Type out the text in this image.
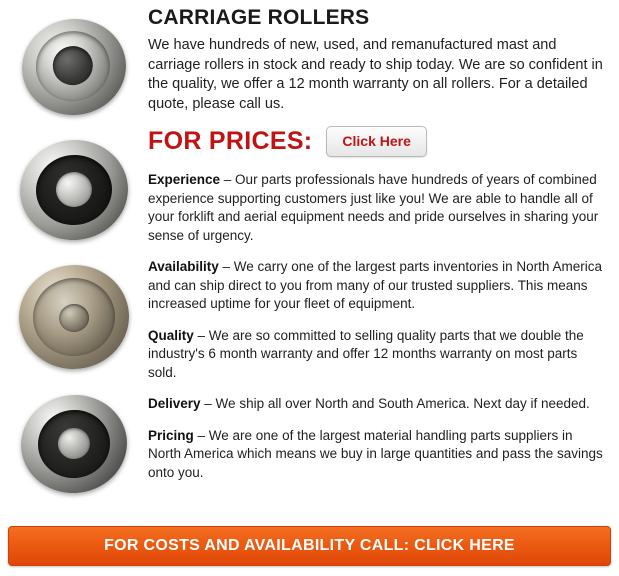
CARRIAGE ROLLERS

We have hundreds of new, used, and remanufactured mast and carriage rollers in stock and ready to ship today. We are so confident in the quality, we offer a 12 month warranty on all rollers. For a detailed quote, please call us.

FOR PRICES:	Click Here

Experience – Our parts professionals have hundreds of years of combined experience supporting customers just like you! We are able to handle all of your forklift and aerial equipment needs and pride ourselves in sharing your sense of urgency.

Availability – We carry one of the largest parts inventories in North America and can ship direct to you from many of our trusted suppliers. This means increased uptime for your fleet of equipment.

Quality – We are so committed to selling quality parts that we double the industry's 6 month warranty and offer 12 months warranty on most parts sold.

Delivery – We ship all over North and South America. Next day if needed.

Pricing – We are one of the largest material handling parts suppliers in North America which means we buy in large quantities and pass the savings onto you.

FOR COSTS AND AVAILABILITY CALL: CLICK HERE
